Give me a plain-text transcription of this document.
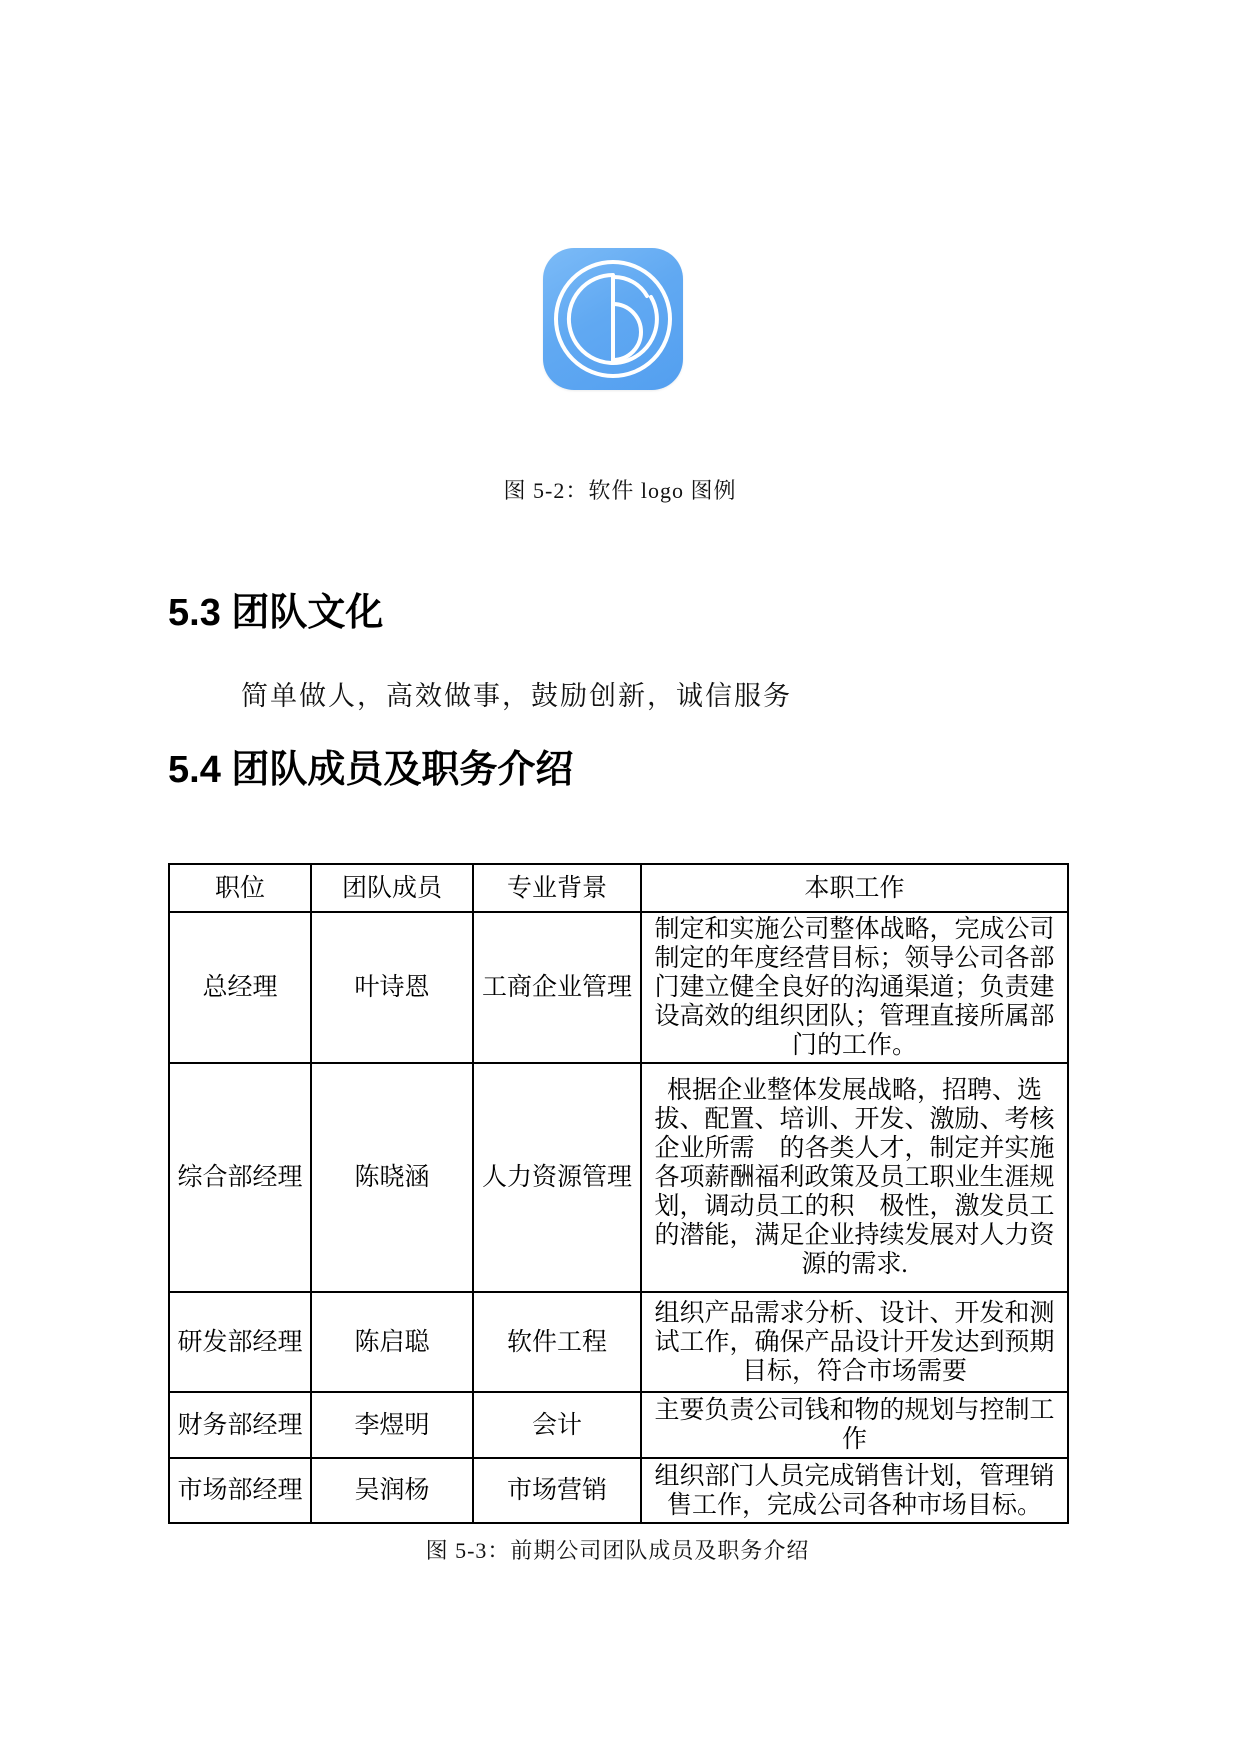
图 5-2：软件 logo 图例
5.3 团队文化
简单做人，高效做事，鼓励创新，诚信服务
5.4 团队成员及职务介绍
职位	团队成员	专业背景	本职工作
总经理	叶诗恩	工商企业管理	制定和实施公司整体战略，完成公司制定的年度经营目标；领导公司各部门建立健全良好的沟通渠道；负责建设高效的组织团队；管理直接所属部门的工作。
综合部经理	陈晓涵	人力资源管理	根据企业整体发展战略，招聘、选拔、配置、培训、开发、激励、考核企业所需　的各类人才，制定并实施各项薪酬福利政策及员工职业生涯规划，调动员工的积　极性，激发员工的潜能，满足企业持续发展对人力资源的需求.
研发部经理	陈启聪	软件工程	组织产品需求分析、设计、开发和测试工作，确保产品设计开发达到预期目标，符合市场需要
财务部经理	李煜明	会计	主要负责公司钱和物的规划与控制工作
市场部经理	吴润杨	市场营销	组织部门人员完成销售计划，管理销售工作，完成公司各种市场目标。
图 5-3：前期公司团队成员及职务介绍
